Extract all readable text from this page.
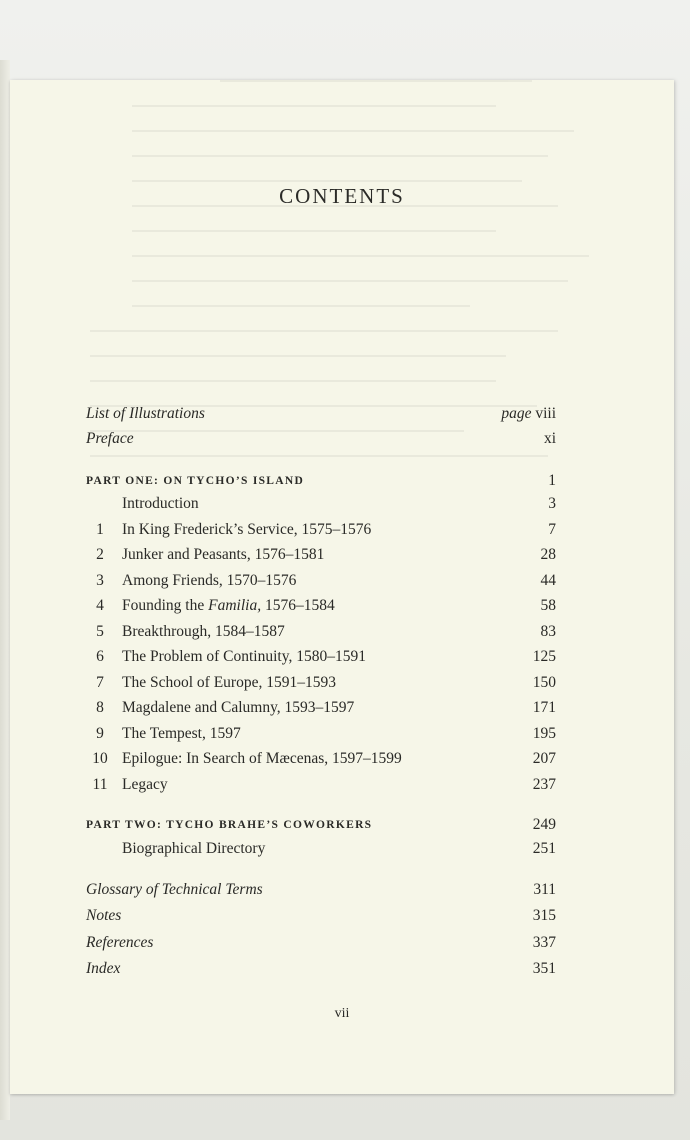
CONTENTS
List of Illustrations	page viii
Preface	xi
PART ONE: ON TYCHO’S ISLAND	1
Introduction	3
1	In King Frederick’s Service, 1575–1576	7
2	Junker and Peasants, 1576–1581	28
3	Among Friends, 1570–1576	44
4	Founding the Familia, 1576–1584	58
5	Breakthrough, 1584–1587	83
6	The Problem of Continuity, 1580–1591	125
7	The School of Europe, 1591–1593	150
8	Magdalene and Calumny, 1593–1597	171
9	The Tempest, 1597	195
10 Epilogue: In Search of Mæcenas, 1597–1599	207
11 Legacy	237
PART TWO: TYCHO BRAHE’S COWORKERS	249
Biographical Directory	251
Glossary of Technical Terms	311
Notes	315
References	337
Index	351
vii
